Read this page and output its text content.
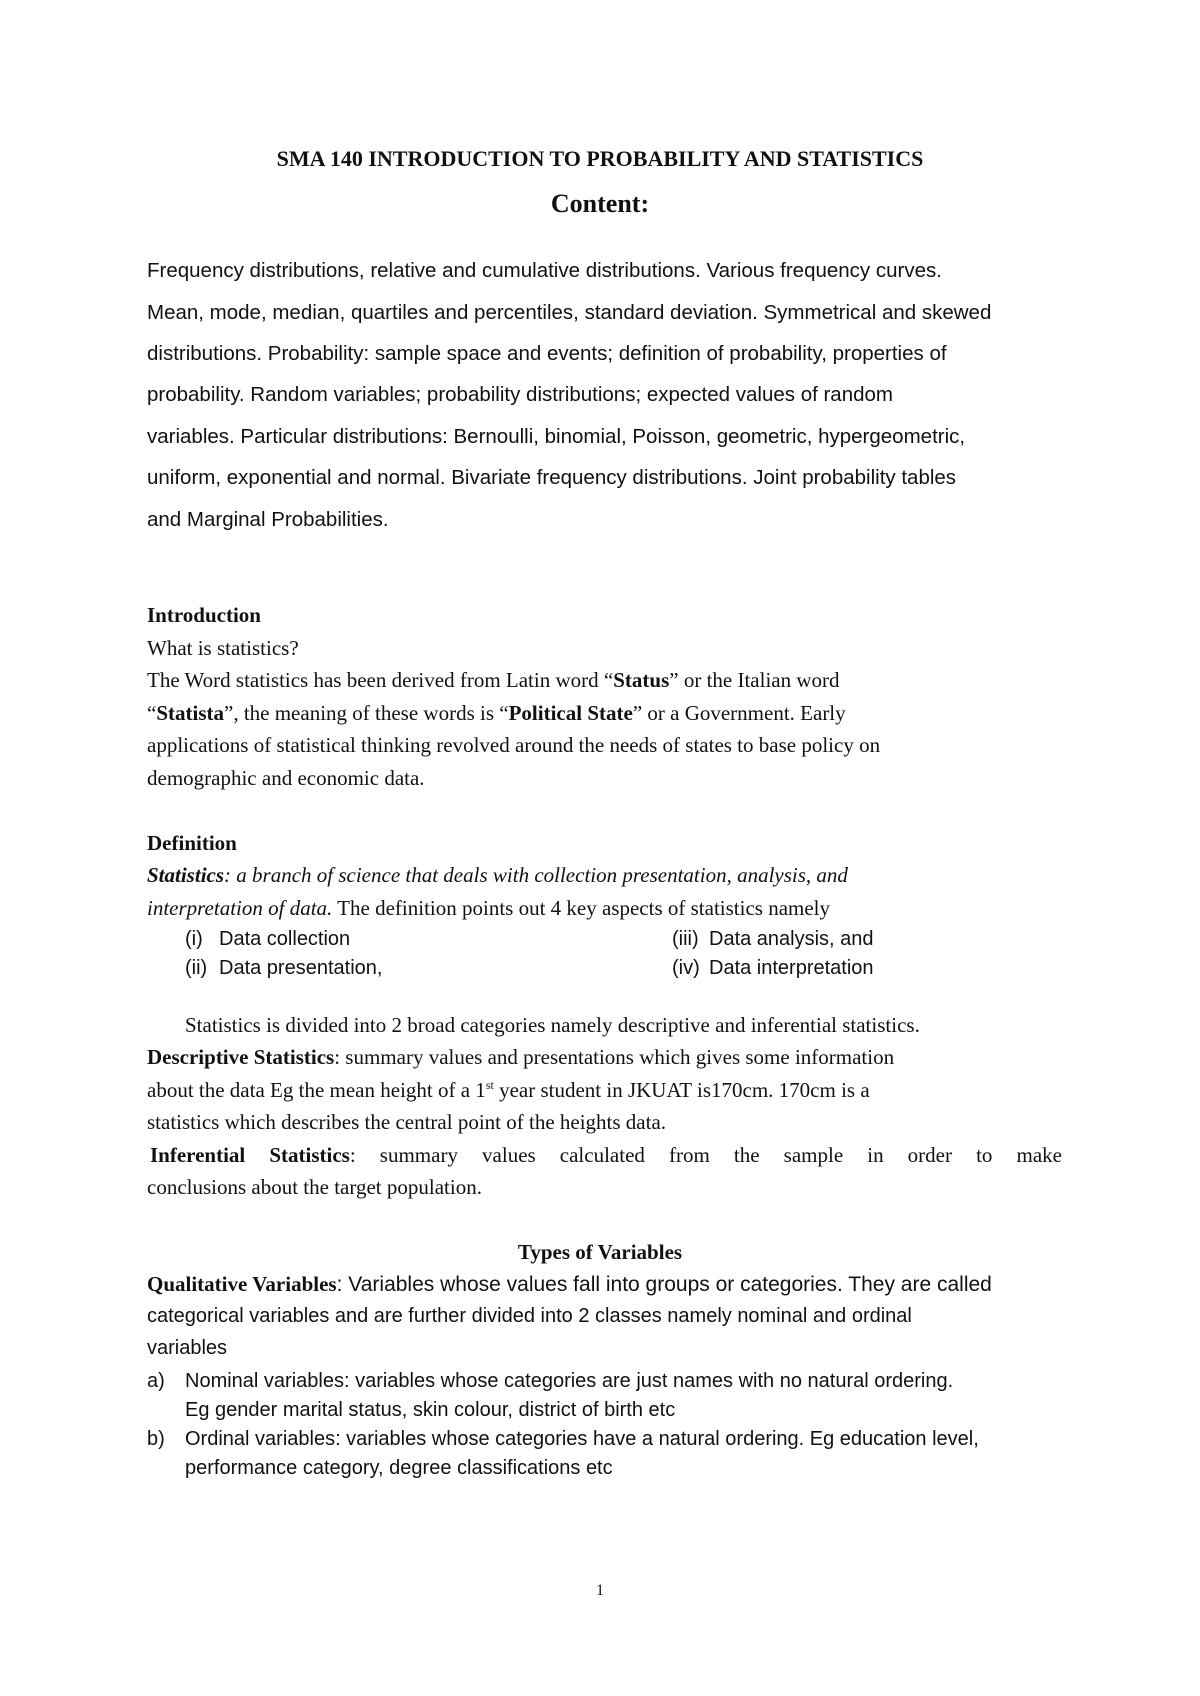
SMA 140 INTRODUCTION TO PROBABILITY AND STATISTICS

Content:

Frequency distributions, relative and cumulative distributions. Various frequency curves.

Mean, mode, median, quartiles and percentiles, standard deviation. Symmetrical and skewed

distributions. Probability: sample space and events; definition of probability, properties of

probability. Random variables; probability distributions; expected values of random

variables. Particular distributions: Bernoulli, binomial, Poisson, geometric, hypergeometric,

uniform, exponential and normal. Bivariate frequency distributions. Joint probability tables

and Marginal Probabilities.

Introduction

What is statistics?

The Word statistics has been derived from Latin word “Status” or the Italian word

“Statista”, the meaning of these words is “Political State” or a Government. Early

applications of statistical thinking revolved around the needs of states to base policy on

demographic and economic data.

Definition

Statistics: a branch of science that deals with collection presentation, analysis, and

interpretation of data. The definition points out 4 key aspects of statistics namely

(i) Data collection	(iii) Data analysis, and

(ii) Data presentation,	(iv) Data interpretation

Statistics is divided into 2 broad categories namely descriptive and inferential statistics.

Descriptive Statistics: summary values and presentations which gives some information

about the data Eg the mean height of a 1st year student in JKUAT is170cm. 170cm is a

statistics which describes the central point of the heights data.

Inferential Statistics: summary values calculated from the sample in order to make

conclusions about the target population.

Types of Variables

Qualitative Variables: Variables whose values fall into groups or categories. They are called

categorical variables and are further divided into 2 classes namely nominal and ordinal

variables

a) Nominal variables: variables whose categories are just names with no natural ordering.

Eg gender marital status, skin colour, district of birth etc

b) Ordinal variables: variables whose categories have a natural ordering. Eg education level,

performance category, degree classifications etc

1
